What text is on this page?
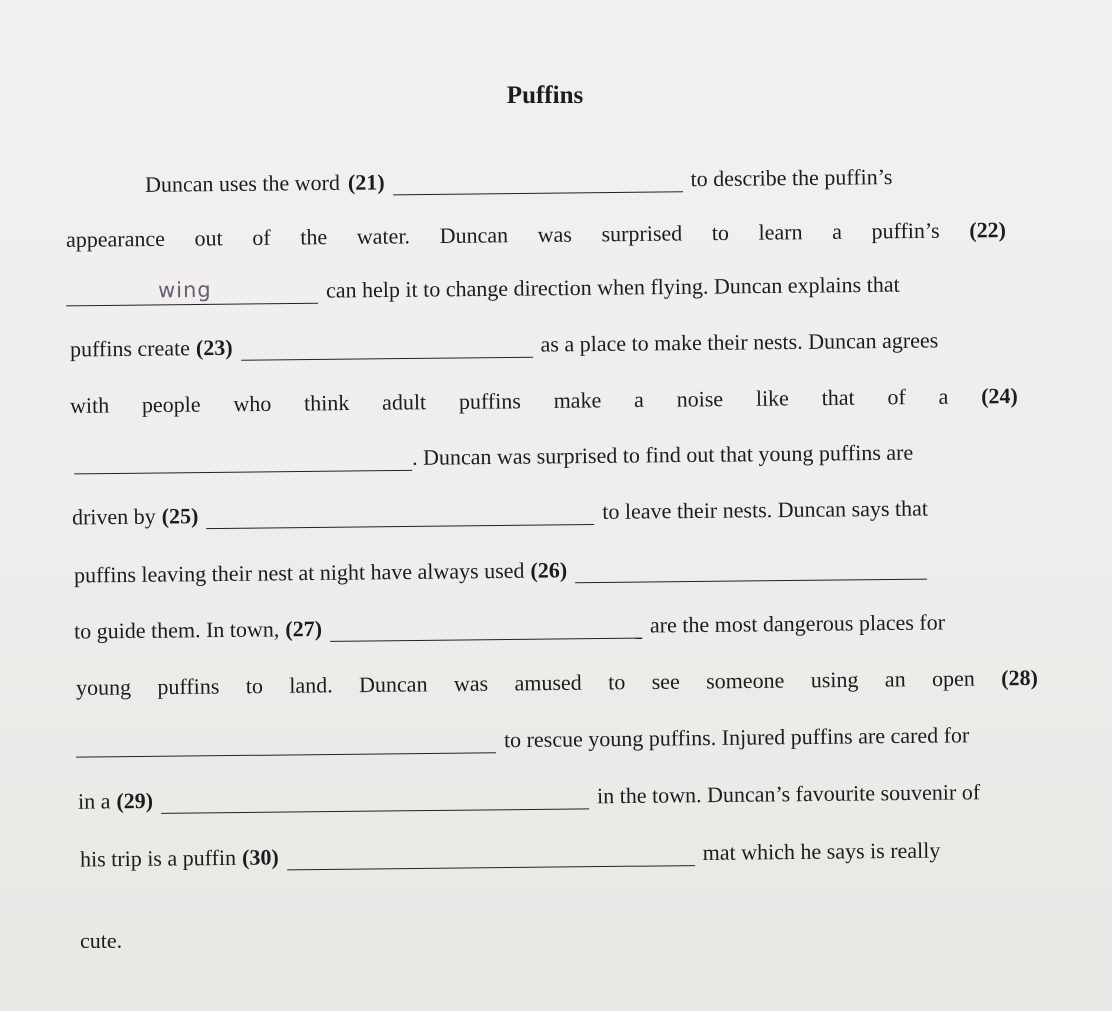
Puffins
Duncan uses the word (21)	to describe the puffin’s
appearance out of the water. Duncan was surprised to learn a puffin’s (22)
wing	can help it to change direction when flying. Duncan explains that
puffins create (23)	as a place to make their nests. Duncan agrees
with people who think adult puffins make a noise like that of a (24)
. Duncan was surprised to find out that young puffins are
driven by (25)	to leave their nests. Duncan says that
puffins leaving their nest at night have always used (26)
to guide them. In town, (27)	are the most dangerous places for
young puffins to land. Duncan was amused to see someone using an open (28)
to rescue young puffins. Injured puffins are cared for
in a (29)	in the town. Duncan’s favourite souvenir of
his trip is a puffin (30)	mat which he says is really
cute.
